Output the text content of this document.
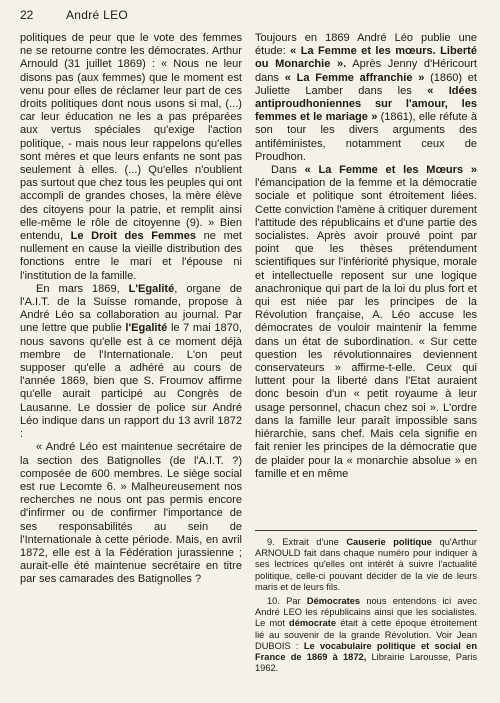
22	André LEO

politiques de peur que le vote des femmes ne se retourne contre les démocrates. Arthur Arnould (31 juillet 1869) : « Nous ne leur disons pas (aux femmes) que le moment est venu pour elles de réclamer leur part de ces droits politiques dont nous usons si mal, (...) car leur éducation ne les a pas préparées aux vertus spéciales qu'exige l'action politique, - mais nous leur rappelons qu'elles sont mères et que leurs enfants ne sont pas seulement à elles. (...) Qu'elles n'oublient pas surtout que chez tous les peuples qui ont accompli de grandes choses, la mère élève des citoyens pour la patrie, et remplit ainsi elle-même le rôle de citoyenne (9). » Bien entendu, Le Droit des Femmes ne met nullement en cause la vieille distribution des fonctions entre le mari et l'épouse ni l'institution de la famille.

En mars 1869, L'Egalité, organe de l'A.I.T. de la Suisse romande, propose à André Léo sa collaboration au journal. Par une lettre que publie l'Egalité le 7 mai 1870, nous savons qu'elle est à ce moment déjà membre de l'Internationale. L'on peut supposer qu'elle a adhéré au cours de l'année 1869, bien que S. Froumov affirme qu'elle aurait participé au Congrès de Lausanne. Le dossier de police sur André Léo indique dans un rapport du 13 avril 1872 :

« André Léo est maintenue secrétaire de la section des Batignolles (de l'A.I.T. ?) composée de 600 membres. Le siège social est rue Lecomte 6. » Malheureusement nos recherches ne nous ont pas permis encore d'infirmer ou de confirmer l'importance de ses responsabilités au sein de l'Internationale à cette période. Mais, en avril 1872, elle est à la Fédération jurassienne ; aurait-elle été maintenue secrétaire en titre par ses camarades des Batignolles ?

Toujours en 1869 André Léo publie une étude: « La Femme et les mœurs. Liberté ou Monarchie ». Après Jenny d'Héricourt dans « La Femme affranchie » (1860) et Juliette Lamber dans les « Idées antiproudhoniennes sur l'amour, les femmes et le mariage » (1861), elle réfute à son tour les divers arguments des antiféministes, notamment ceux de Proudhon.

Dans « La Femme et les Mœurs » l'émancipation de la femme et la démocratie sociale et politique sont étroitement liées. Cette conviction l'amène à critiquer durement l'attitude des républicains et d'une partie des socialistes. Après avoir prouvé point par point que les thèses prétendument scientifiques sur l'infériorité physique, morale et intellectuelle reposent sur une logique anachronique qui part de la loi du plus fort et qui est niée par les principes de la Révolution française, A. Léo accuse les démocrates de vouloir maintenir la femme dans un état de subordination. « Sur cette question les révolutionnaires deviennent conservateurs » affirme-t-elle. Ceux qui luttent pour la liberté dans l'Etat auraient donc besoin d'un « petit royaume à leur usage personnel, chacun chez soi ». L'ordre dans la famille leur paraît impossible sans hiérarchie, sans chef. Mais cela signifie en fait renier les principes de la démocratie que de plaider pour la « monarchie absolue » en famille et en même

9. Extrait d'une Causerie politique qu'Arthur ARNOULD fait dans chaque numéro pour indiquer à ses lectrices qu'elles ont intérêt à suivre l'actualité politique, celle-ci pouvant décider de la vie de leurs maris et de leurs fils.

10. Par Démocrates nous entendons ici avec André LEO les républicains ainsi que les socialistes. Le mot démocrate était à cette époque étroitement lié au souvenir de la grande Révolution. Voir Jean DUBOIS : Le vocabulaire politique et social en France de 1869 à 1872, Librairie Larousse, Paris 1962.
